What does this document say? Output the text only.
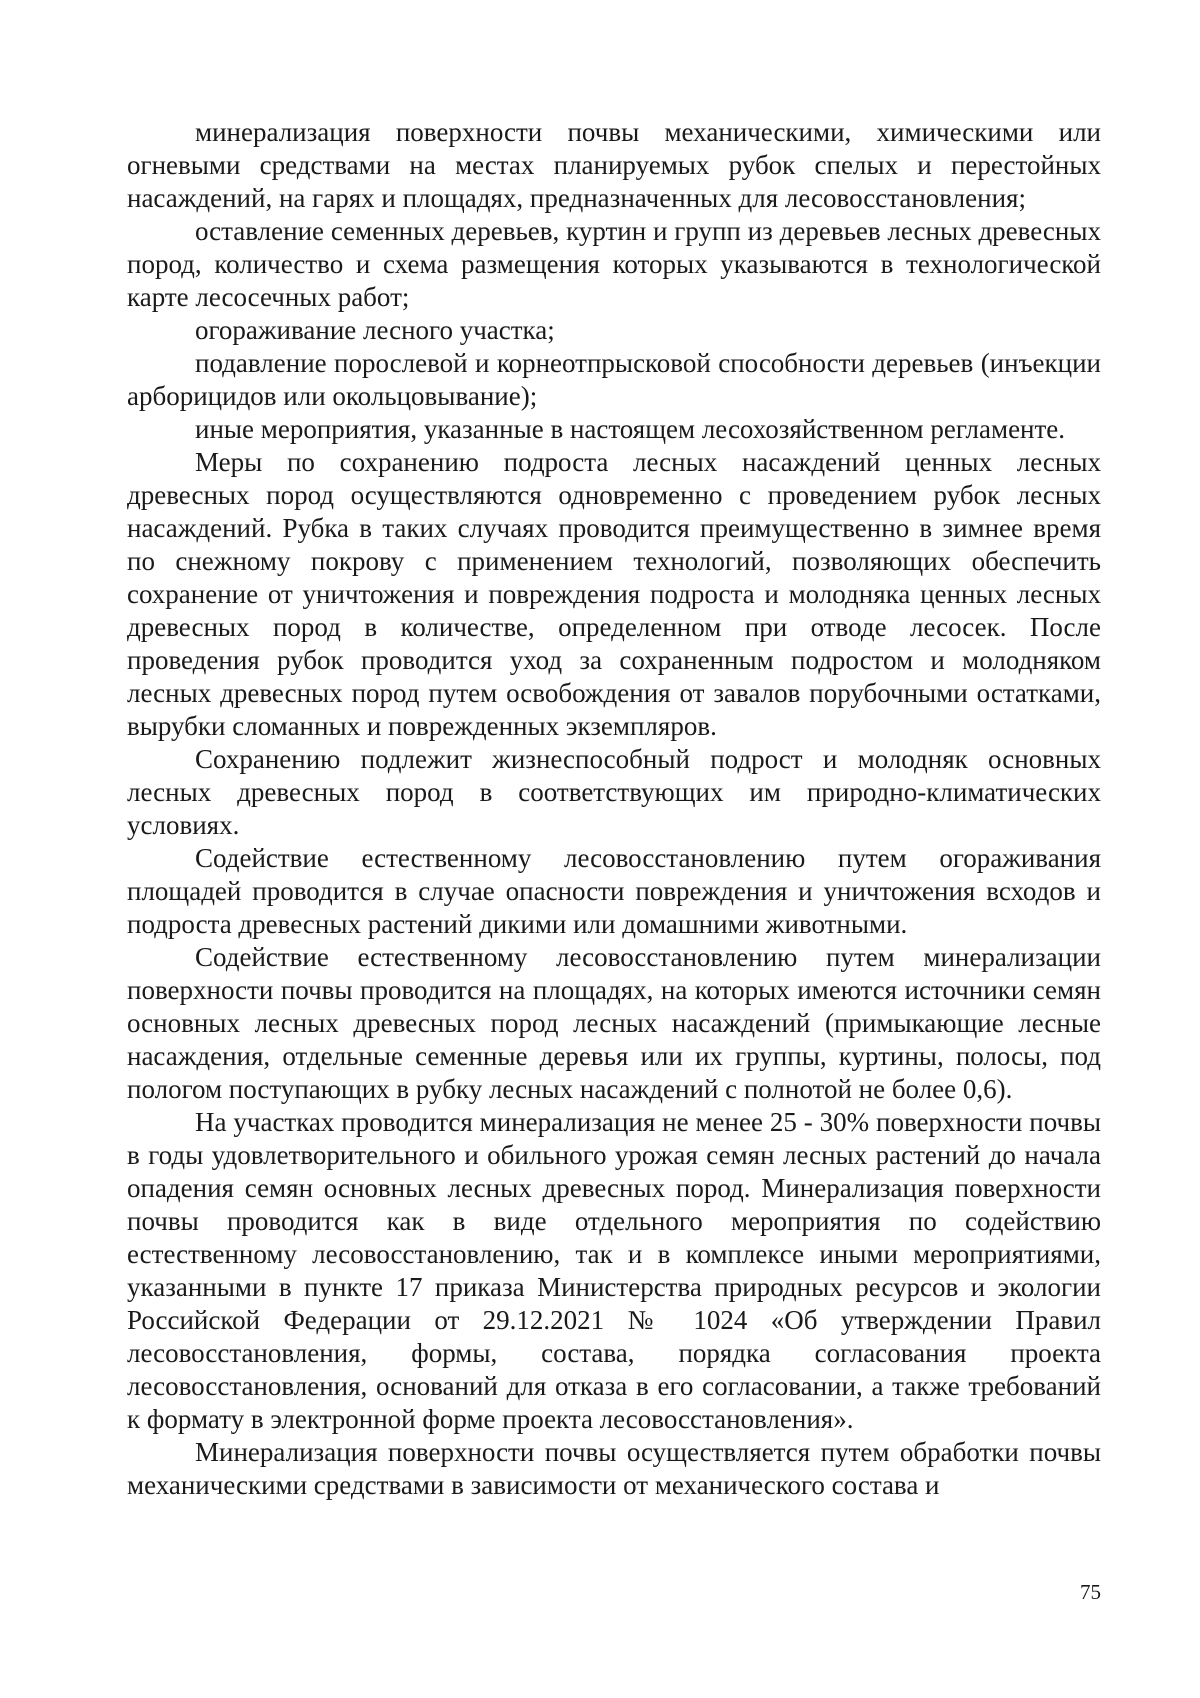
минерализация поверхности почвы механическими, химическими или огневыми средствами на местах планируемых рубок спелых и перестойных насаждений, на гарях и площадях, предназначенных для лесовосстановления;

оставление семенных деревьев, куртин и групп из деревьев лесных древесных пород, количество и схема размещения которых указываются в технологической карте лесосечных работ;

огораживание лесного участка;

подавление порослевой и корнеотпрысковой способности деревьев (инъекции арборицидов или окольцовывание);

иные мероприятия, указанные в настоящем лесохозяйственном регламенте.

Меры по сохранению подроста лесных насаждений ценных лесных древесных пород осуществляются одновременно с проведением рубок лесных насаждений. Рубка в таких случаях проводится преимущественно в зимнее время по снежному покрову с применением технологий, позволяющих обеспечить сохранение от уничтожения и повреждения подроста и молодняка ценных лесных древесных пород в количестве, определенном при отводе лесосек. После проведения рубок проводится уход за сохраненным подростом и молодняком лесных древесных пород путем освобождения от завалов порубочными остатками, вырубки сломанных и поврежденных экземпляров.

Сохранению подлежит жизнеспособный подрост и молодняк основных лесных древесных пород в соответствующих им природно-климатических условиях.

Содействие естественному лесовосстановлению путем огораживания площадей проводится в случае опасности повреждения и уничтожения всходов и подроста древесных растений дикими или домашними животными.

Содействие естественному лесовосстановлению путем минерализации поверхности почвы проводится на площадях, на которых имеются источники семян основных лесных древесных пород лесных насаждений (примыкающие лесные насаждения, отдельные семенные деревья или их группы, куртины, полосы, под пологом поступающих в рубку лесных насаждений с полнотой не более 0,6).

На участках проводится минерализация не менее 25 - 30% поверхности почвы в годы удовлетворительного и обильного урожая семян лесных растений до начала опадения семян основных лесных древесных пород. Минерализация поверхности почвы проводится как в виде отдельного мероприятия по содействию естественному лесовосстановлению, так и в комплексе иными мероприятиями, указанными в пункте 17 приказа Министерства природных ресурсов и экологии Российской Федерации от 29.12.2021 № 1024 «Об утверждении Правил лесовосстановления, формы, состава, порядка согласования проекта лесовосстановления, оснований для отказа в его согласовании, а также требований к формату в электронной форме проекта лесовосстановления».

Минерализация поверхности почвы осуществляется путем обработки почвы механическими средствами в зависимости от механического состава и

75
